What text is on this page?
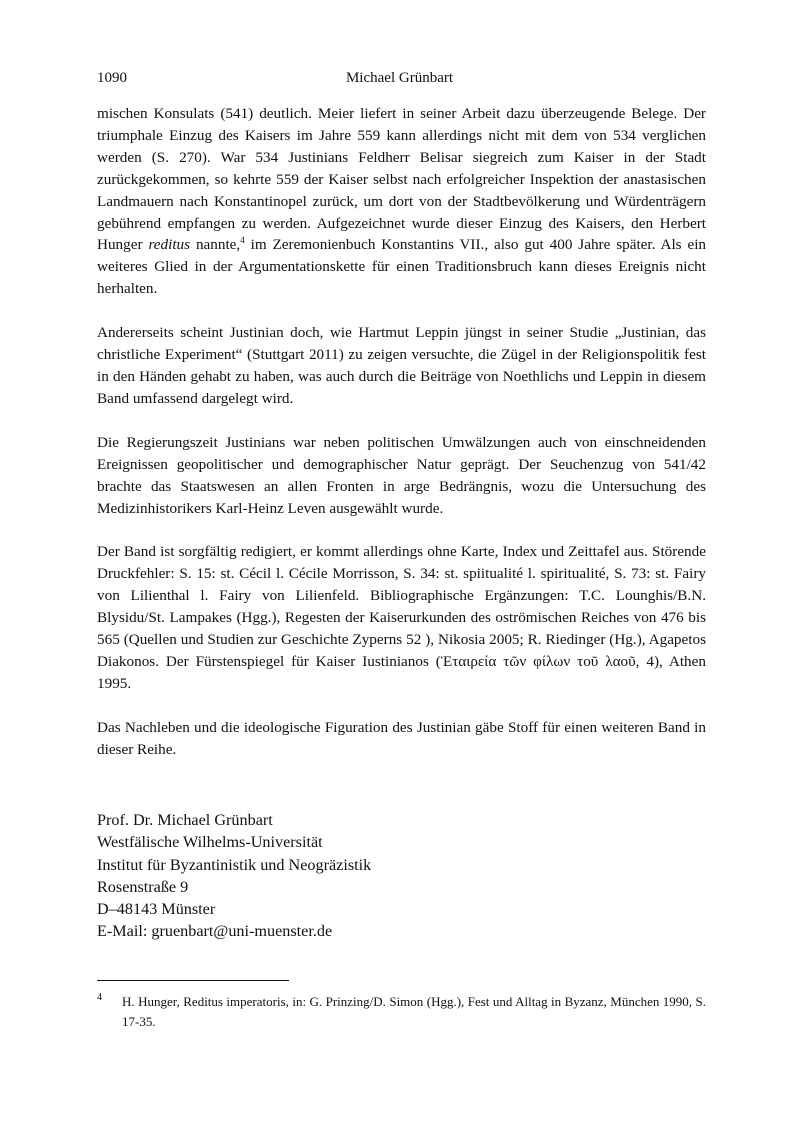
1090	Michael Grünbart

mischen Konsulats (541) deutlich. Meier liefert in seiner Arbeit dazu überzeugende Belege. Der triumphale Einzug des Kaisers im Jahre 559 kann allerdings nicht mit dem von 534 verglichen werden (S. 270). War 534 Justinians Feldherr Belisar siegreich zum Kaiser in der Stadt zurückgekommen, so kehrte 559 der Kaiser selbst nach erfolgreicher Inspektion der anastasischen Landmauern nach Konstantinopel zurück, um dort von der Stadtbevölkerung und Würdenträgern gebührend empfangen zu werden. Aufgezeichnet wurde dieser Einzug des Kaisers, den Herbert Hunger reditus nannte,$^4$ im Zeremonienbuch Konstantins VII., also gut 400 Jahre später. Als ein weiteres Glied in der Argumentationskette für einen Traditionsbruch kann dieses Ereignis nicht herhalten.

Andererseits scheint Justinian doch, wie Hartmut Leppin jüngst in seiner Studie „Justinian, das christliche Experiment“ (Stuttgart 2011) zu zeigen versuchte, die Zügel in der Religionspolitik fest in den Händen gehabt zu haben, was auch durch die Beiträge von Noethlichs und Leppin in diesem Band umfassend dargelegt wird.

Die Regierungszeit Justinians war neben politischen Umwälzungen auch von einschneidenden Ereignissen geopolitischer und demographischer Natur geprägt. Der Seuchenzug von 541/42 brachte das Staatswesen an allen Fronten in arge Bedrängnis, wozu die Untersuchung des Medizinhistorikers Karl-Heinz Leven ausgewählt wurde.

Der Band ist sorgfältig redigiert, er kommt allerdings ohne Karte, Index und Zeittafel aus. Störende Druckfehler: S. 15: st. Cécil l. Cécile Morrisson, S. 34: st. spiitualité l. spiritualité, S. 73: st. Fairy von Lilienthal l. Fairy von Lilienfeld. Bibliographische Ergänzungen: T.C. Lounghis/B.N. Blysidu/St. Lampakes (Hgg.), Regesten der Kaiserurkunden des oströmischen Reiches von 476 bis 565 (Quellen und Studien zur Geschichte Zyperns 52 ), Nikosia 2005; R. Riedinger (Hg.), Agapetos Diakonos. Der Fürstenspiegel für Kaiser Iustinianos (Ἑταιρεία τῶν φίλων τοῦ λαοῦ, 4), Athen 1995.

Das Nachleben und die ideologische Figuration des Justinian gäbe Stoff für einen weiteren Band in dieser Reihe.

Prof. Dr. Michael Grünbart
Westfälische Wilhelms-Universität
Institut für Byzantinistik und Neogräzistik
Rosenstraße 9
D–48143 Münster
E-Mail: gruenbart@uni-muenster.de
4 H. Hunger, Reditus imperatoris, in: G. Prinzing/D. Simon (Hgg.), Fest und Alltag in Byzanz, München 1990, S. 17-35.
